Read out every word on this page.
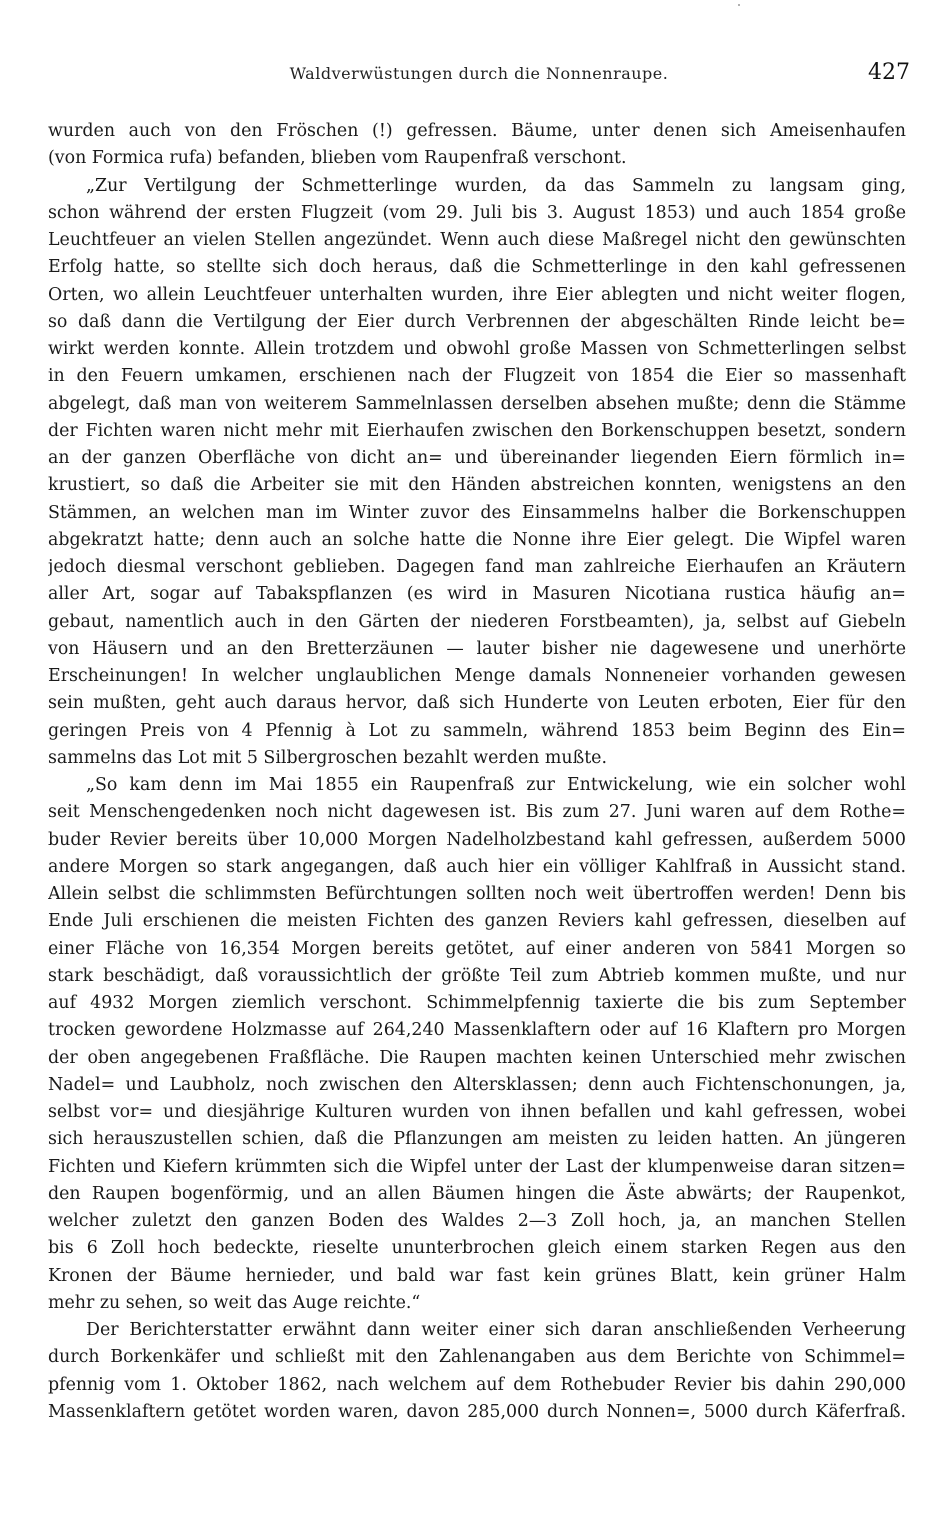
Waldverwüstungen durch die Nonnenraupe.	427
wurden auch von den Fröschen (!) gefressen. Bäume, unter denen sich Ameisenhaufen
(von Formica rufa) befanden, blieben vom Raupenfraß verschont.
„Zur Vertilgung der Schmetterlinge wurden, da das Sammeln zu langsam ging,
schon während der ersten Flugzeit (vom 29. Juli bis 3. August 1853) und auch 1854 große
Leuchtfeuer an vielen Stellen angezündet. Wenn auch diese Maßregel nicht den gewünschten
Erfolg hatte, so stellte sich doch heraus, daß die Schmetterlinge in den kahl gefressenen
Orten, wo allein Leuchtfeuer unterhalten wurden, ihre Eier ablegten und nicht weiter flogen,
so daß dann die Vertilgung der Eier durch Verbrennen der abgeschälten Rinde leicht be=
wirkt werden konnte. Allein trotzdem und obwohl große Massen von Schmetterlingen selbst
in den Feuern umkamen, erschienen nach der Flugzeit von 1854 die Eier so massenhaft
abgelegt, daß man von weiterem Sammelnlassen derselben absehen mußte; denn die Stämme
der Fichten waren nicht mehr mit Eierhaufen zwischen den Borkenschuppen besetzt, sondern
an der ganzen Oberfläche von dicht an= und übereinander liegenden Eiern förmlich in=
krustiert, so daß die Arbeiter sie mit den Händen abstreichen konnten, wenigstens an den
Stämmen, an welchen man im Winter zuvor des Einsammelns halber die Borkenschuppen
abgekratzt hatte; denn auch an solche hatte die Nonne ihre Eier gelegt. Die Wipfel waren
jedoch diesmal verschont geblieben. Dagegen fand man zahlreiche Eierhaufen an Kräutern
aller Art, sogar auf Tabakspflanzen (es wird in Masuren Nicotiana rustica häufig an=
gebaut, namentlich auch in den Gärten der niederen Forstbeamten), ja, selbst auf Giebeln
von Häusern und an den Bretterzäunen — lauter bisher nie dagewesene und unerhörte
Erscheinungen! In welcher unglaublichen Menge damals Nonneneier vorhanden gewesen
sein mußten, geht auch daraus hervor, daß sich Hunderte von Leuten erboten, Eier für den
geringen Preis von 4 Pfennig à Lot zu sammeln, während 1853 beim Beginn des Ein=
sammelns das Lot mit 5 Silbergroschen bezahlt werden mußte.
„So kam denn im Mai 1855 ein Raupenfraß zur Entwickelung, wie ein solcher wohl
seit Menschengedenken noch nicht dagewesen ist. Bis zum 27. Juni waren auf dem Rothe=
buder Revier bereits über 10,000 Morgen Nadelholzbestand kahl gefressen, außerdem 5000
andere Morgen so stark angegangen, daß auch hier ein völliger Kahlfraß in Aussicht stand.
Allein selbst die schlimmsten Befürchtungen sollten noch weit übertroffen werden! Denn bis
Ende Juli erschienen die meisten Fichten des ganzen Reviers kahl gefressen, dieselben auf
einer Fläche von 16,354 Morgen bereits getötet, auf einer anderen von 5841 Morgen so
stark beschädigt, daß voraussichtlich der größte Teil zum Abtrieb kommen mußte, und nur
auf 4932 Morgen ziemlich verschont. Schimmelpfennig taxierte die bis zum September
trocken gewordene Holzmasse auf 264,240 Massenklaftern oder auf 16 Klaftern pro Morgen
der oben angegebenen Fraßfläche. Die Raupen machten keinen Unterschied mehr zwischen
Nadel= und Laubholz, noch zwischen den Altersklassen; denn auch Fichtenschonungen, ja,
selbst vor= und diesjährige Kulturen wurden von ihnen befallen und kahl gefressen, wobei
sich herauszustellen schien, daß die Pflanzungen am meisten zu leiden hatten. An jüngeren
Fichten und Kiefern krümmten sich die Wipfel unter der Last der klumpenweise daran sitzen=
den Raupen bogenförmig, und an allen Bäumen hingen die Äste abwärts; der Raupenkot,
welcher zuletzt den ganzen Boden des Waldes 2—3 Zoll hoch, ja, an manchen Stellen
bis 6 Zoll hoch bedeckte, rieselte ununterbrochen gleich einem starken Regen aus den
Kronen der Bäume hernieder, und bald war fast kein grünes Blatt, kein grüner Halm
mehr zu sehen, so weit das Auge reichte.“
Der Berichterstatter erwähnt dann weiter einer sich daran anschließenden Verheerung
durch Borkenkäfer und schließt mit den Zahlenangaben aus dem Berichte von Schimmel=
pfennig vom 1. Oktober 1862, nach welchem auf dem Rothebuder Revier bis dahin 290,000
Massenklaftern getötet worden waren, davon 285,000 durch Nonnen=, 5000 durch Käferfraß.
